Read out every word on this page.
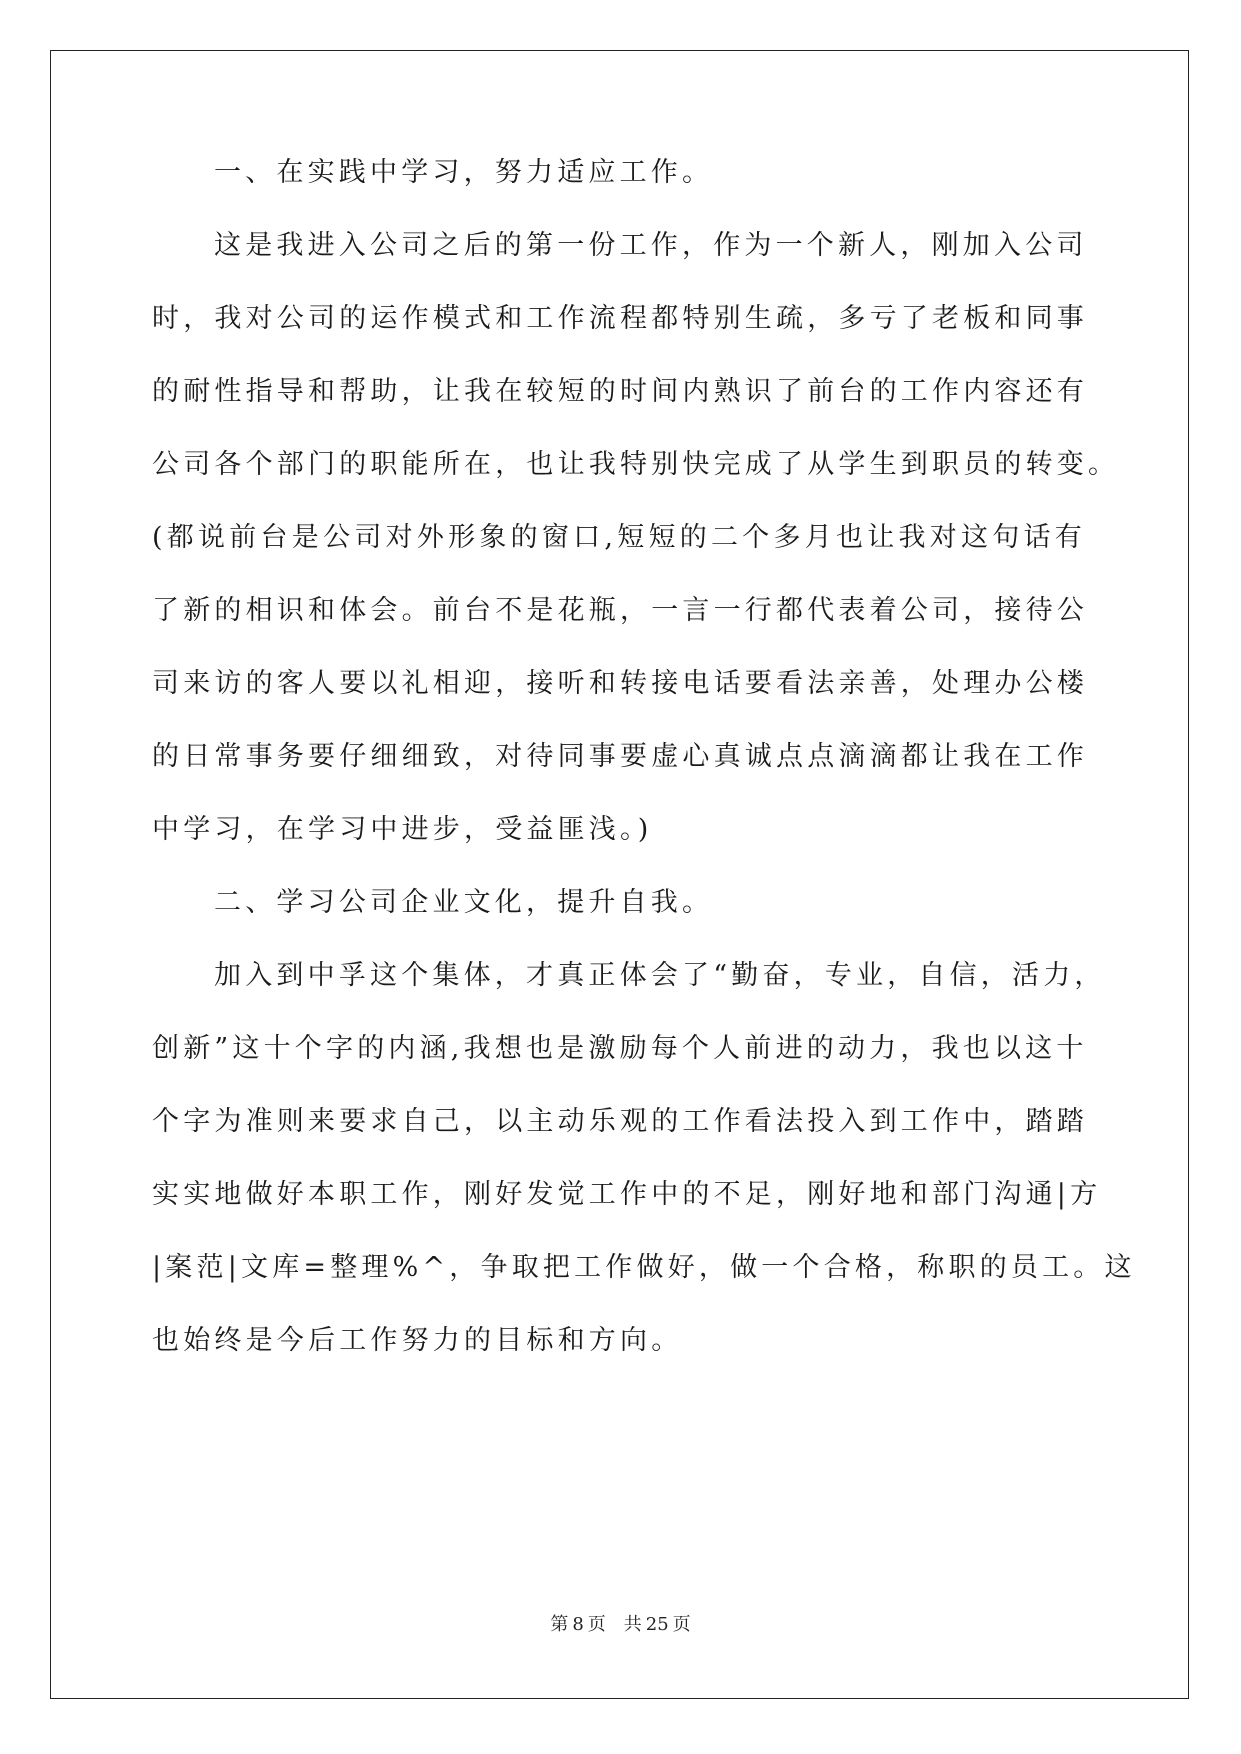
一、在实践中学习，努力适应工作。
这是我进入公司之后的第一份工作，作为一个新人，刚加入公司
时，我对公司的运作模式和工作流程都特别生疏，多亏了老板和同事
的耐性指导和帮助，让我在较短的时间内熟识了前台的工作内容还有
公司各个部门的职能所在，也让我特别快完成了从学生到职员的转变。
(都说前台是公司对外形象的窗口,短短的二个多月也让我对这句话有
了新的相识和体会。前台不是花瓶，一言一行都代表着公司，接待公
司来访的客人要以礼相迎，接听和转接电话要看法亲善，处理办公楼
的日常事务要仔细细致，对待同事要虚心真诚点点滴滴都让我在工作
中学习，在学习中进步，受益匪浅。)
二、学习公司企业文化，提升自我。
加入到中孚这个集体，才真正体会了“勤奋，专业，自信，活力，
创新”这十个字的内涵,我想也是激励每个人前进的动力，我也以这十
个字为准则来要求自己，以主动乐观的工作看法投入到工作中，踏踏
实实地做好本职工作，刚好发觉工作中的不足，刚好地和部门沟通|方
|案范|文库=整理%^，争取把工作做好，做一个合格，称职的员工。这
也始终是今后工作努力的目标和方向。
第 8 页　共 25 页
